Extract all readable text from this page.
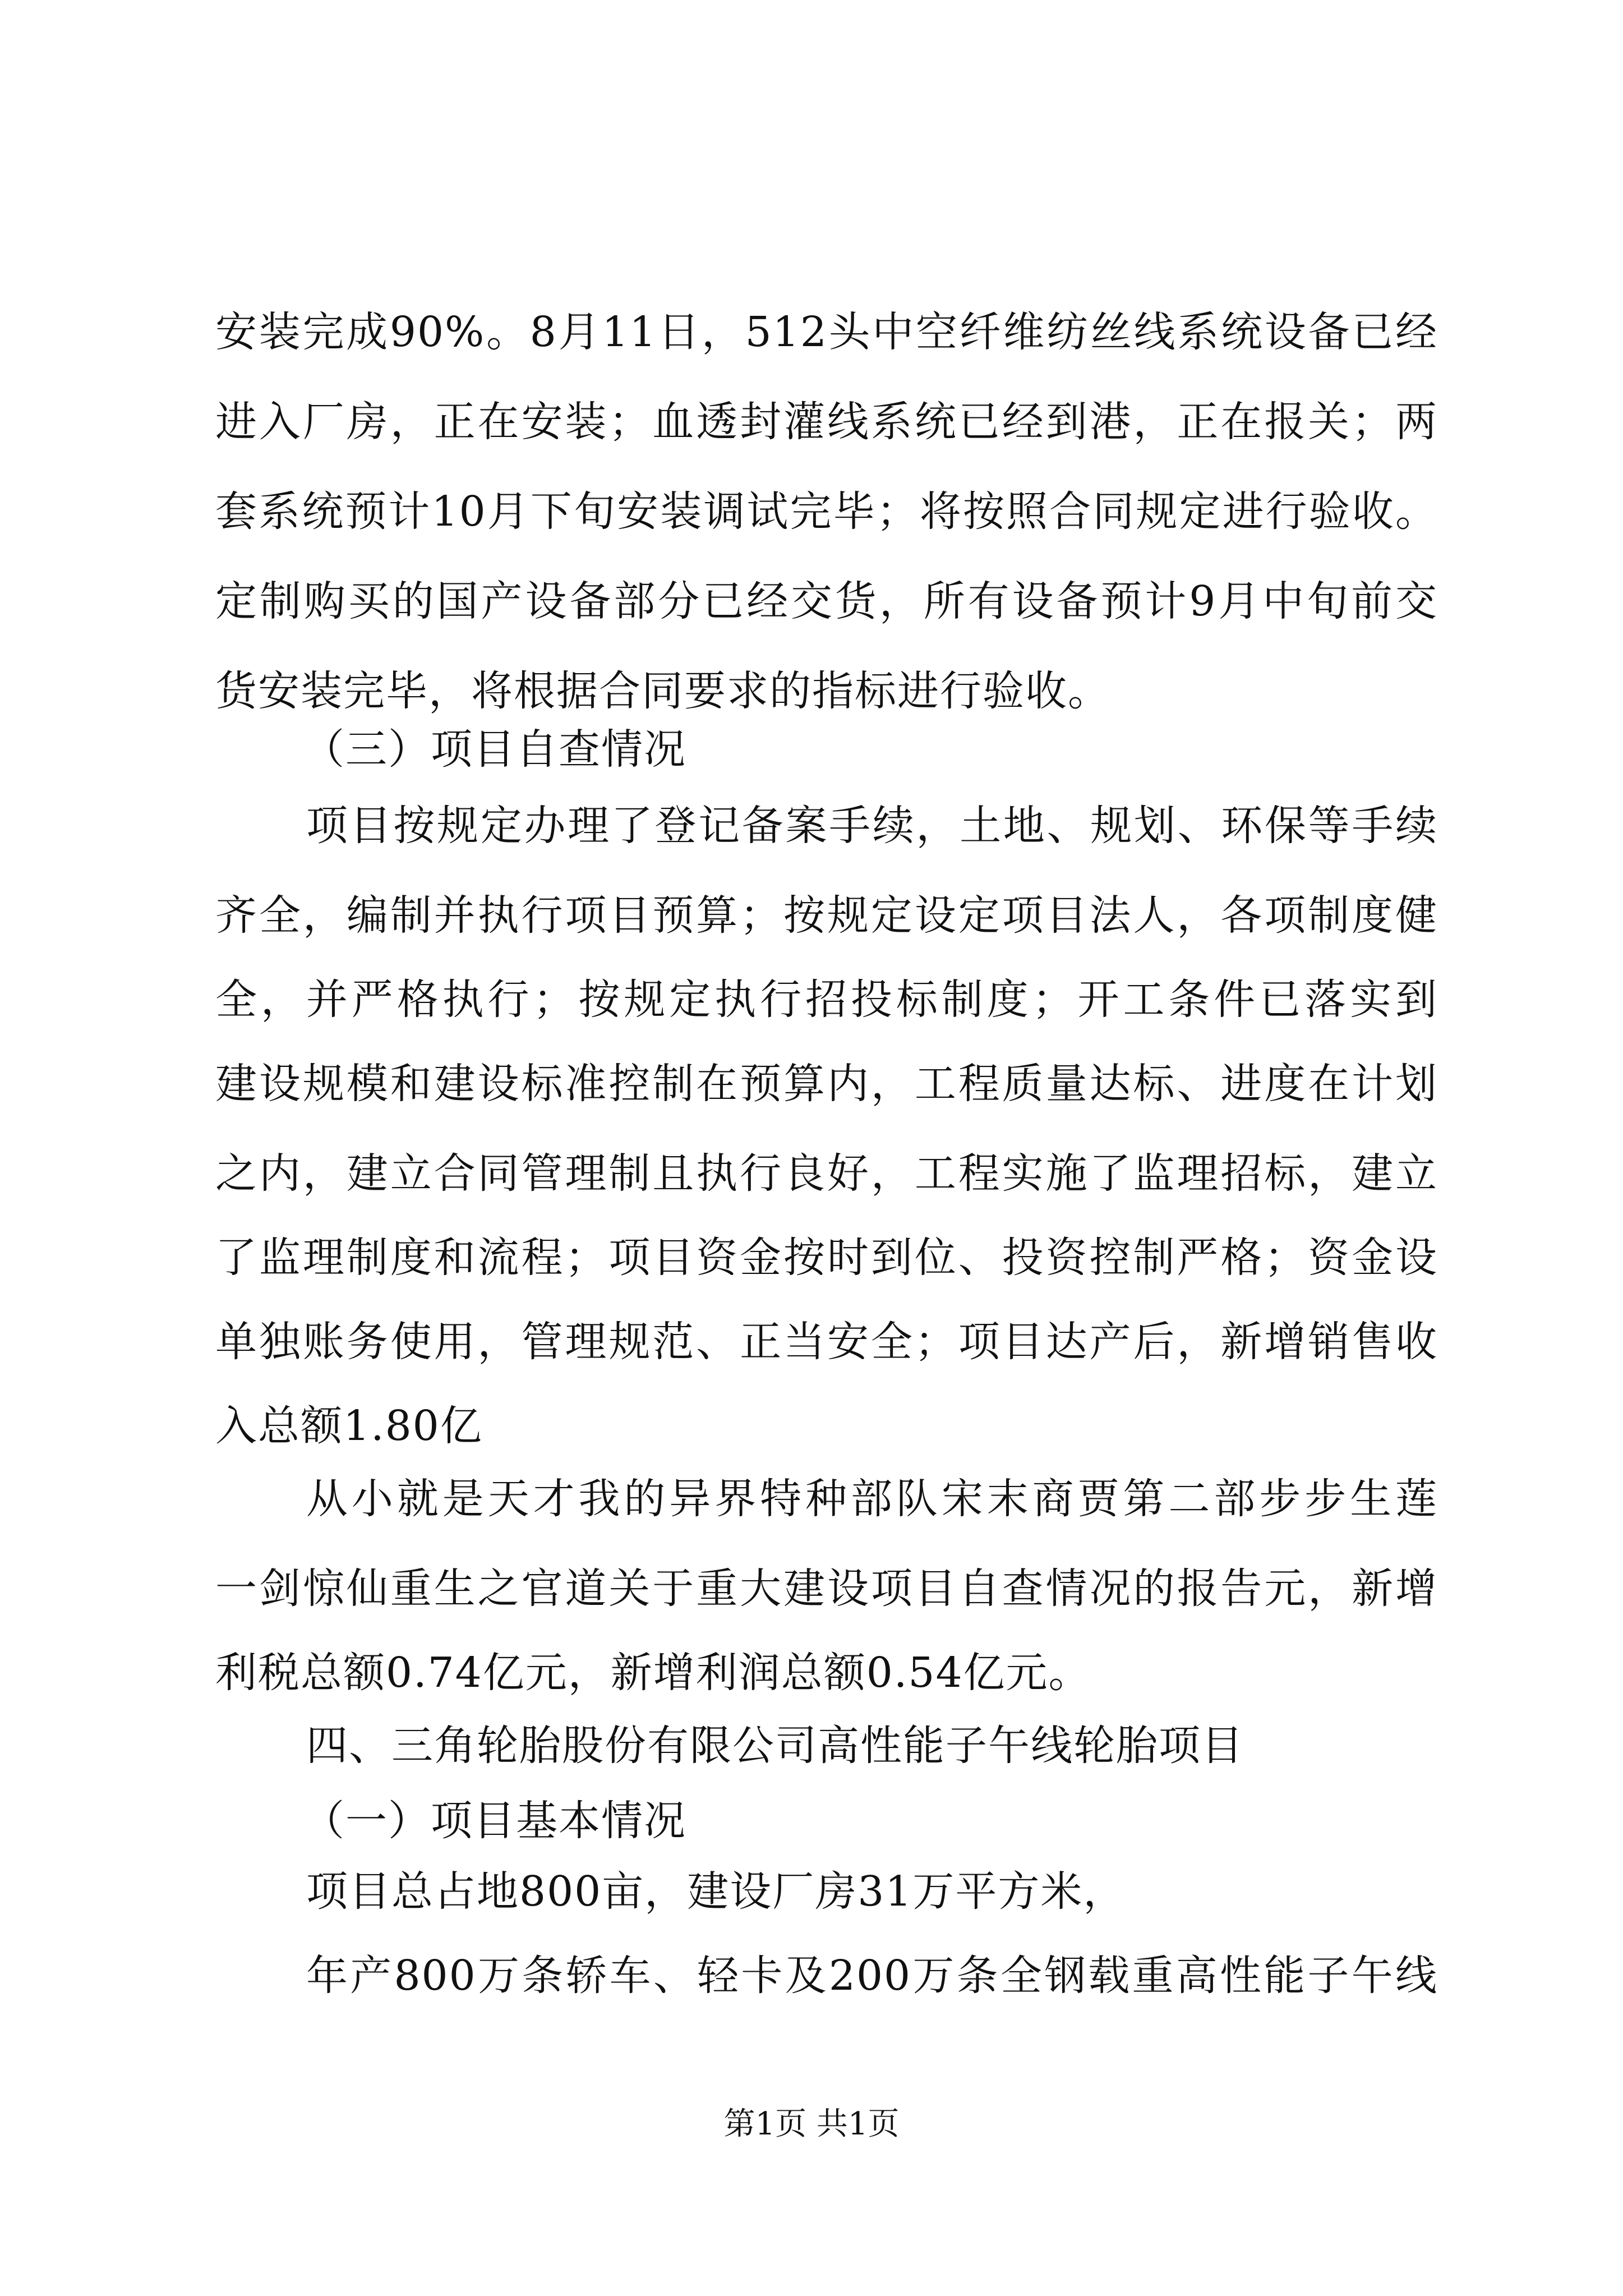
安装完成90%。8月11日，512头中空纤维纺丝线系统设备已经
进入厂房，正在安装；血透封灌线系统已经到港，正在报关；两
套系统预计10月下旬安装调试完毕；将按照合同规定进行验收。
定制购买的国产设备部分已经交货，所有设备预计9月中旬前交
货安装完毕，将根据合同要求的指标进行验收。
（三）项目自查情况
项目按规定办理了登记备案手续，土地、规划、环保等手续
齐全，编制并执行项目预算；按规定设定项目法人，各项制度健
全，并严格执行；按规定执行招投标制度；开工条件已落实到
建设规模和建设标准控制在预算内，工程质量达标、进度在计划
之内，建立合同管理制且执行良好，工程实施了监理招标，建立
了监理制度和流程；项目资金按时到位、投资控制严格；资金设
单独账务使用，管理规范、正当安全；项目达产后，新增销售收
入总额1.80亿
从小就是天才我的异界特种部队宋末商贾第二部步步生莲
一剑惊仙重生之官道关于重大建设项目自查情况的报告元，新增
利税总额0.74亿元，新增利润总额0.54亿元。
四、三角轮胎股份有限公司高性能子午线轮胎项目
（一）项目基本情况
项目总占地800亩，建设厂房31万平方米，
年产800万条轿车、轻卡及200万条全钢载重高性能子午线
第1页 共1页
